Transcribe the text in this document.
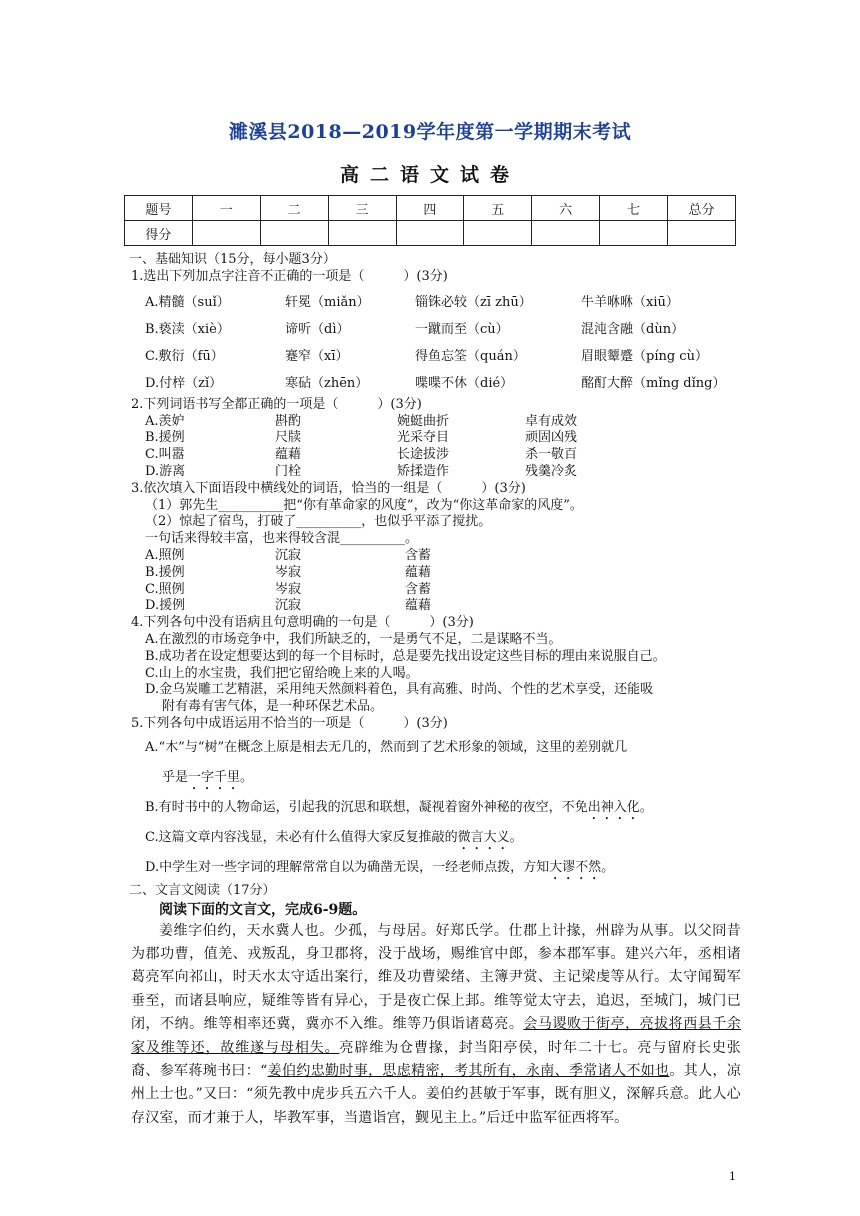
濉溪县2018—2019学年度第一学期期末考试
高二语文试卷
题号	一	二	三	四	五	六	七	总分
得分								
一、基础知识（15分，每小题3分）
1.选出下列加点字注音不正确的一项是（　　　）(3分)
A.精髓（suǐ）	轩冕（miǎn）	锱铢必较（zī zhū）	牛羊咻咻（xiū）
B.亵渎（xiè）	谛听（dì）	一蹴而至（cù）	混沌含融（dùn）
C.敷衍（fū）	蹇窄（xī）	得鱼忘筌（quán）	眉眼颦蹙（píng cù）
D.付梓（zǐ）	寒砧（zhēn）	喋喋不休（dié）	酩酊大醉（mǐng dǐng）
2.下列词语书写全都正确的一项是（　　　）(3分)
A.羡妒	斟酌	婉蜓曲折	卓有成效
B.援例	尺牍	光采夺目	顽固凶残
C.叫嚣	蕴藉	长途拔涉	杀一敬百
D.游离	门栓	矫揉造作	残羹冷炙
3.依次填入下面语段中横线处的词语，恰当的一组是（　　　）(3分)
（1）郭先生__________把“你有革命家的风度”，改为“你这革命家的风度”。
（2）惊起了宿鸟，打破了__________，也似乎平添了搅扰。
一句话来得较丰富，也来得较含混__________。
A.照例	沉寂	含蓄
B.援例	岑寂	蕴藉
C.照例	岑寂	含蓄
D.援例	沉寂	蕴藉
4.下列各句中没有语病且句意明确的一句是（　　　）(3分)
A.在激烈的市场竞争中，我们所缺乏的，一是勇气不足，二是谋略不当。
B.成功者在设定想要达到的每一个目标时，总是要先找出设定这些目标的理由来说服自己。
C.山上的水宝贵，我们把它留给晚上来的人喝。
D.金乌炭雕工艺精湛，采用纯天然颜料着色，具有高雅、时尚、个性的艺术享受，还能吸
附有毒有害气体，是一种环保艺术品。
5.下列各句中成语运用不恰当的一项是（　　　）(3分)
A.“木”与“树”在概念上原是相去无几的，然而到了艺术形象的领域，这里的差别就几
乎是一字千里。
B.有时书中的人物命运，引起我的沉思和联想，凝视着窗外神秘的夜空，不免出神入化。
C.这篇文章内容浅显，未必有什么值得大家反复推敲的微言大义。
D.中学生对一些字词的理解常常自以为确凿无误，一经老师点拨，方知大谬不然。
二、文言文阅读（17分）
阅读下面的文言文，完成6-9题。
姜维字伯约，天水冀人也。少孤，与母居。好郑氏学。仕郡上计掾，州辟为从事。以父冏昔为郡功曹，值羌、戎叛乱，身卫郡将，没于战场，赐维官中郎，参本郡军事。建兴六年，丞相诸葛亮军向祁山，时天水太守适出案行，维及功曹梁绪、主簿尹赏、主记梁虔等从行。太守闻蜀军垂至，而诸县响应，疑维等皆有异心，于是夜亡保上邽。维等觉太守去，追迟，至城门，城门已闭，不纳。维等相率还冀，冀亦不入维。维等乃俱诣诸葛亮。会马谡败于街亭，亮拔将西县千余家及维等还，故维遂与母相失。亮辟维为仓曹掾，封当阳亭侯，时年二十七。亮与留府长史张裔、参军蒋琬书曰：“姜伯约忠勤时事，思虑精密，考其所有，永南、季常诸人不如也。其人，凉州上士也。”又曰：“须先教中虎步兵五六千人。姜伯约甚敏于军事，既有胆义，深解兵意。此人心存汉室，而才兼于人，毕教军事，当遣诣宫，觐见主上。”后迁中监军征西将军。
1
